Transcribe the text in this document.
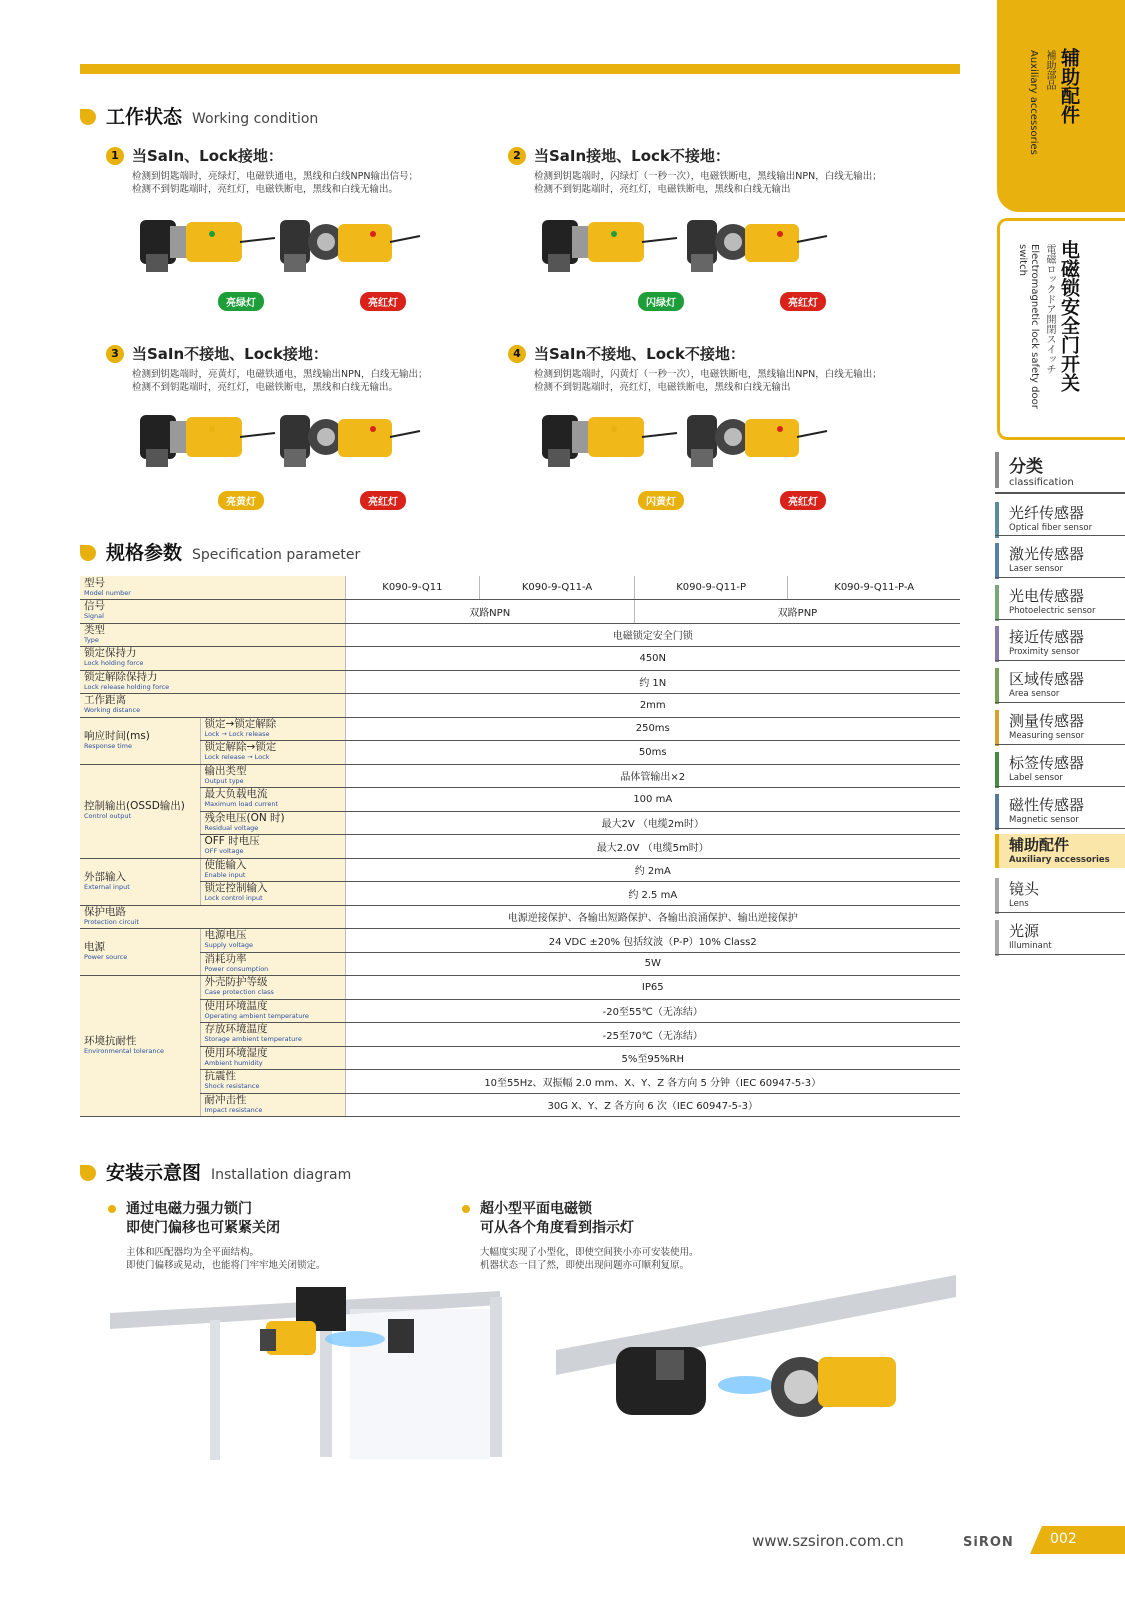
辅助配件
補助部品
Auxiliary accessories
电磁锁安全门开关
電磁ロックドア開閉スイッチ
Electromagnetic lock safety door switch
分类
classification
光纤传感器
Optical fiber sensor
激光传感器
Laser sensor
光电传感器
Photoelectric sensor
接近传感器
Proximity sensor
区域传感器
Area sensor
测量传感器
Measuring sensor
标签传感器
Label sensor
磁性传感器
Magnetic sensor
辅助配件
Auxiliary accessories
镜头
Lens
光源
Illuminant
工作状态 Working condition
1 当SaIn、Lock接地：
检测到钥匙端时，亮绿灯，电磁铁通电，黑线和白线NPN输出信号；
检测不到钥匙端时，亮红灯，电磁铁断电，黑线和白线无输出。
2 当SaIn接地、Lock不接地：
检测到钥匙端时，闪绿灯（一秒一次），电磁铁断电，黑线输出NPN，白线无输出；
检测不到钥匙端时，亮红灯，电磁铁断电，黑线和白线无输出
3 当SaIn不接地、Lock接地：
检测到钥匙端时，亮黄灯，电磁铁通电，黑线输出NPN，白线无输出；
检测不到钥匙端时，亮红灯，电磁铁断电，黑线和白线无输出。
4 当SaIn不接地、Lock不接地：
检测到钥匙端时，闪黄灯（一秒一次），电磁铁断电，黑线输出NPN，白线无输出；
检测不到钥匙端时，亮红灯，电磁铁断电，黑线和白线无输出
亮绿灯	亮红灯	闪绿灯	亮红灯
亮黄灯	亮红灯	闪黄灯	亮红灯
规格参数 Specification parameter
型号
Model number		K090-9-Q11	K090-9-Q11-A	K090-9-Q11-P	K090-9-Q11-P-A

信号
Signal		双路NPN		双路PNP	

类型
Type		电磁锁定安全门锁			

锁定保持力
Lock holding force		450N			

锁定解除保持力
Lock release holding force		约 1N			

工作距离
Working distance		2mm			

响应时间(ms)
Response time	锁定→锁定解除
Lock → Lock release	250ms			

	锁定解除→锁定
Lock release → Lock	50ms			

控制输出(OSSD输出)
Control output	输出类型
Output type	晶体管输出×2			

	最大负载电流
Maximum load current	100 mA			

	残余电压(ON 时)
Residual voltage	最大2V （电缆2m时）			

	OFF 时电压
OFF voltage	最大2.0V （电缆5m时）			

外部输入
External input	使能输入
Enable input	约 2mA			

	锁定控制输入
Lock control input	约 2.5 mA			

保护电路
Protection circuit		电源逆接保护、各输出短路保护、各输出浪涌保护、输出逆接保护			

电源
Power source	电源电压
Supply voltage	24 VDC ±20% 包括纹波（P-P）10% Class2			

	消耗功率
Power consumption	5W			

环境抗耐性
Environmental tolerance	外壳防护等级
Case protection class	IP65			

	使用环境温度
Operating ambient temperature	-20至55℃（无冻结）			

	存放环境温度
Storage ambient temperature	-25至70℃（无冻结）			

	使用环境湿度
Ambient humidity	5%至95%RH			

	抗震性
Shock resistance	10至55Hz、双振幅 2.0 mm、X、Y、Z 各方向 5 分钟（IEC 60947-5-3）			

	耐冲击性
Impact resistance	30G X、Y、Z 各方向 6 次（IEC 60947-5-3）			
安装示意图 Installation diagram
通过电磁力强力锁门
即使门偏移也可紧紧关闭
主体和匹配器均为全平面结构。
即使门偏移或晃动，也能将门牢牢地关闭锁定。
超小型平面电磁锁
可从各个角度看到指示灯
大幅度实现了小型化，即使空间狭小亦可安装使用。
机器状态一目了然，即使出现问题亦可顺利复原。
www.szsiron.com.cn	SiRON	002
